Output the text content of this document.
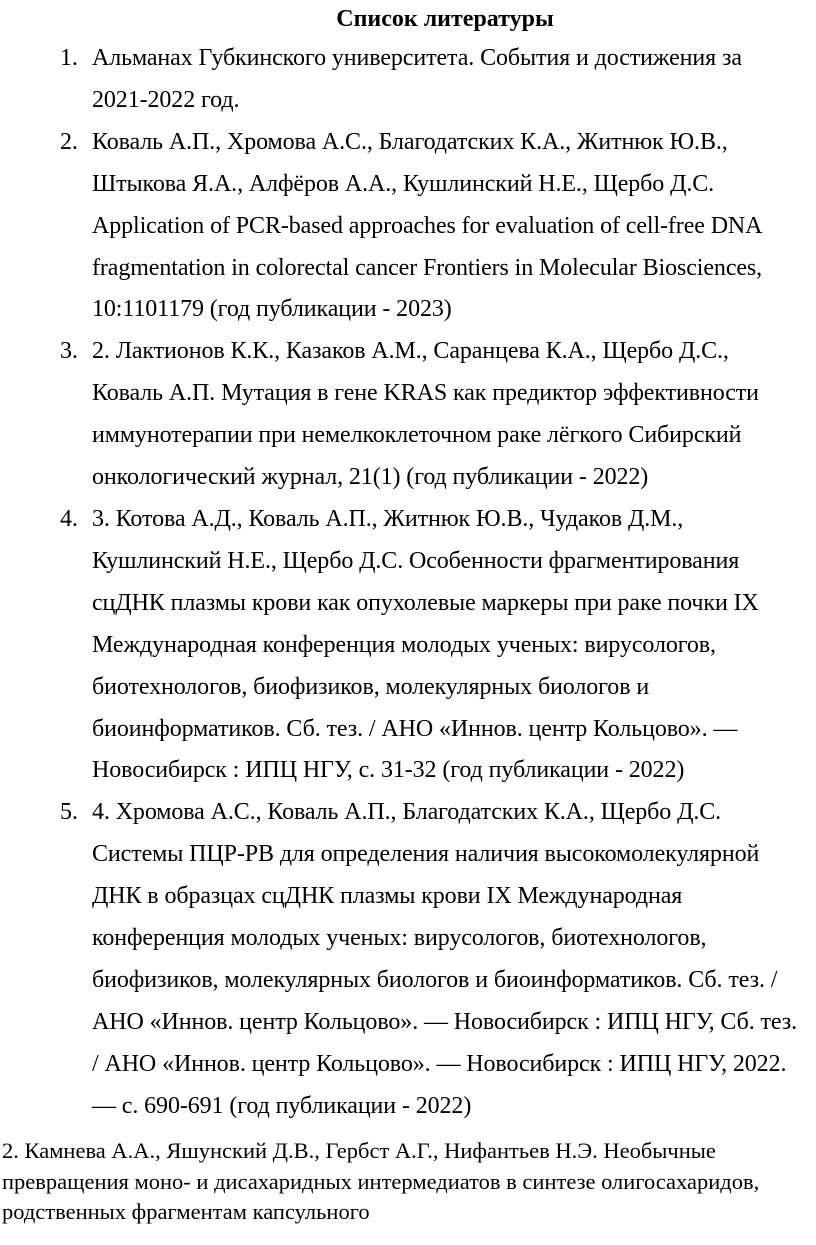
Список литературы
1. Альманах Губкинского университета. События и достижения за 2021-2022 год.
2. Коваль А.П., Хромова А.С., Благодатских К.А., Житнюк Ю.В., Штыкова Я.А., Алфёров А.А., Кушлинский Н.Е., Щербо Д.С. Application of PCR-based approaches for evaluation of cell-free DNA fragmentation in colorectal cancer Frontiers in Molecular Biosciences, 10:1101179 (год публикации - 2023)
3. 2. Лактионов К.К., Казаков А.М., Саранцева К.А., Щербо Д.С., Коваль А.П. Мутация в гене KRAS как предиктор эффективности иммунотерапии при немелкоклеточном раке лёгкого Сибирский онкологический журнал, 21(1) (год публикации - 2022)
4. 3. Котова А.Д., Коваль А.П., Житнюк Ю.В., Чудаков Д.М., Кушлинский Н.Е., Щербо Д.С. Особенности фрагментирования сцДНК плазмы крови как опухолевые маркеры при раке почки IX Международная конференция молодых ученых: вирусологов, биотехнологов, биофизиков, молекулярных биологов и биоинформатиков. Сб. тез. / АНО «Иннов. центр Кольцово». — Новосибирск : ИПЦ НГУ, с. 31-32 (год публикации - 2022)
5. 4. Хромова А.С., Коваль А.П., Благодатских К.А., Щербо Д.С. Системы ПЦР-РВ для определения наличия высокомолекулярной ДНК в образцах сцДНК плазмы крови IX Международная конференция молодых ученых: вирусологов, биотехнологов, биофизиков, молекулярных биологов и биоинформатиков. Сб. тез. / АНО «Иннов. центр Кольцово». — Новосибирск : ИПЦ НГУ, Сб. тез. / АНО «Иннов. центр Кольцово». — Новосибирск : ИПЦ НГУ, 2022. — с. 690-691 (год публикации - 2022)

2. Камнева А.А., Яшунский Д.В., Гербст А.Г., Нифантьев Н.Э. Необычные превращения моно- и дисахаридных интермедиатов в синтезе олигосахаридов, родственных фрагментам капсульного
